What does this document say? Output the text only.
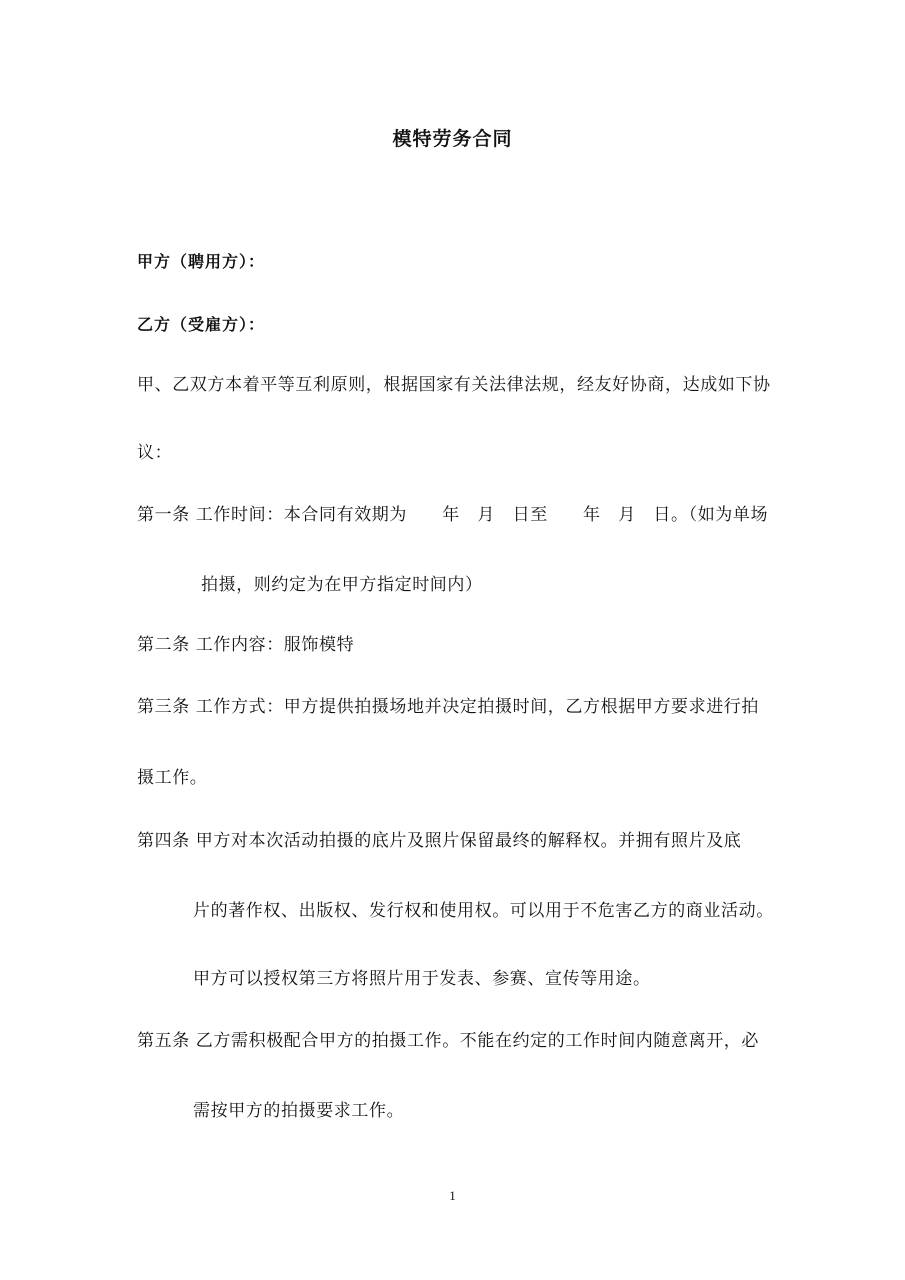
模特劳务合同
甲方（聘用方）：
乙方（受雇方）：
甲、乙双方本着平等互利原则，根据国家有关法律法规，经友好协商，达成如下协
议：
第一条 工作时间：本合同有效期为　　年　月　日至　　年　月　日。（如为单场
拍摄，则约定为在甲方指定时间内）
第二条 工作内容：服饰模特
第三条 工作方式：甲方提供拍摄场地并决定拍摄时间，乙方根据甲方要求进行拍
摄工作。
第四条 甲方对本次活动拍摄的底片及照片保留最终的解释权。并拥有照片及底
片的著作权、出版权、发行权和使用权。可以用于不危害乙方的商业活动。
甲方可以授权第三方将照片用于发表、参赛、宣传等用途。
第五条 乙方需积极配合甲方的拍摄工作。不能在约定的工作时间内随意离开，必
需按甲方的拍摄要求工作。
1
